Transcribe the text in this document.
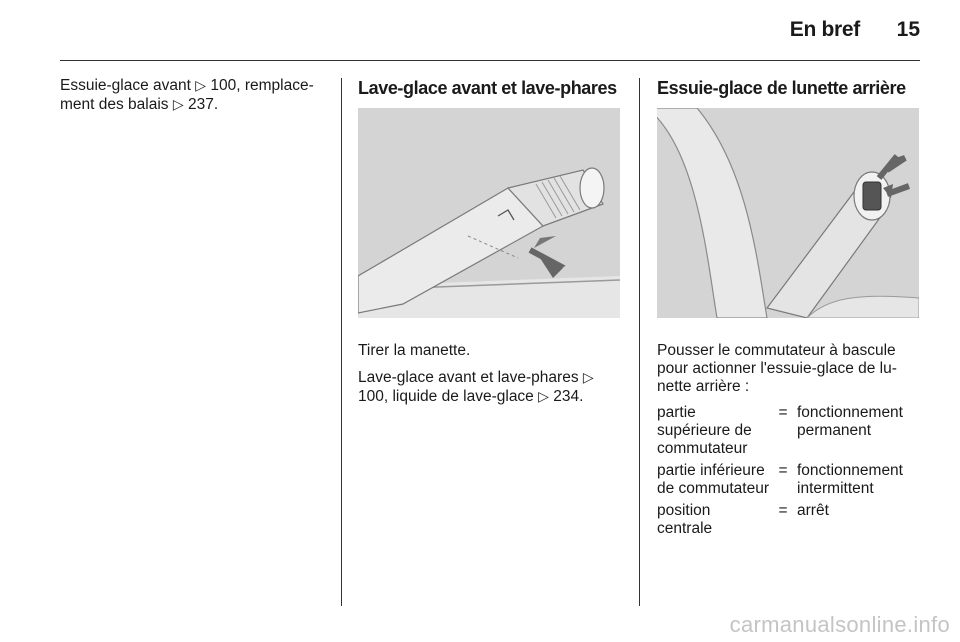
En bref	15

Essuie-glace avant ▷ 100, remplace-ment des balais ▷ 237.

Lave-glace avant et lave-phares

Tirer la manette.

Lave-glace avant et lave-phares ▷ 100, liquide de lave-glace ▷ 234.

Essuie-glace de lunette arrière

Pousser le commutateur à bascule pour actionner l'essuie-glace de lu-nette arrière :

partie supérieure de commutateur	=	fonctionnement permanent
partie inférieure de commutateur	=	fonctionnement intermittent
position centrale	=	arrêt
carmanualsonline.info
